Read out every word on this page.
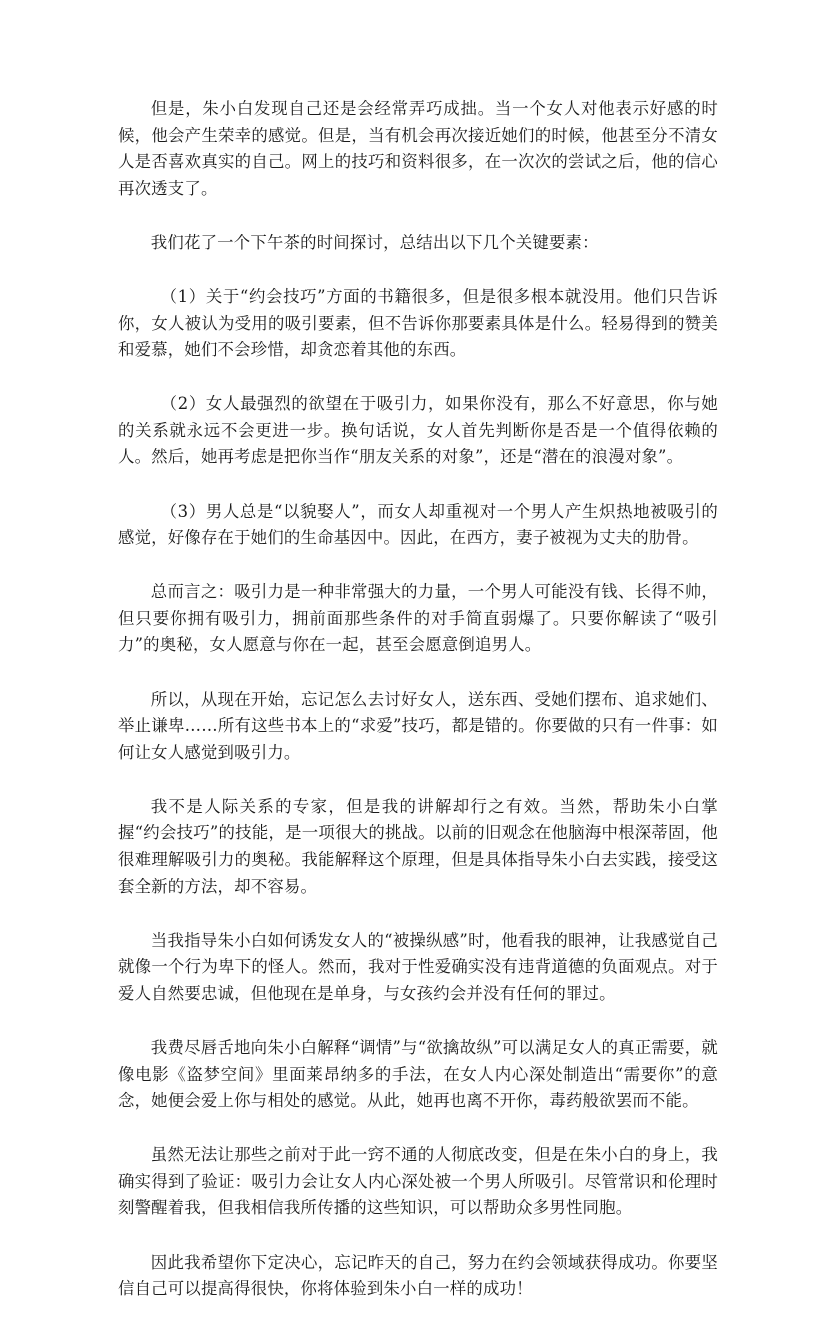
但是，朱小白发现自己还是会经常弄巧成拙。当一个女人对他表示好感的时候，他会产生荣幸的感觉。但是，当有机会再次接近她们的时候，他甚至分不清女人是否喜欢真实的自己。网上的技巧和资料很多，在一次次的尝试之后，他的信心再次透支了。

我们花了一个下午茶的时间探讨，总结出以下几个关键要素：

（1）关于“约会技巧”方面的书籍很多，但是很多根本就没用。他们只告诉你，女人被认为受用的吸引要素，但不告诉你那要素具体是什么。轻易得到的赞美和爱慕，她们不会珍惜，却贪恋着其他的东西。

（2）女人最强烈的欲望在于吸引力，如果你没有，那么不好意思，你与她的关系就永远不会更进一步。换句话说，女人首先判断你是否是一个值得依赖的人。然后，她再考虑是把你当作“朋友关系的对象”，还是“潜在的浪漫对象”。

（3）男人总是“以貌娶人”，而女人却重视对一个男人产生炽热地被吸引的感觉，好像存在于她们的生命基因中。因此，在西方，妻子被视为丈夫的肋骨。

总而言之：吸引力是一种非常强大的力量，一个男人可能没有钱、长得不帅，但只要你拥有吸引力，拥前面那些条件的对手简直弱爆了。只要你解读了“吸引力”的奥秘，女人愿意与你在一起，甚至会愿意倒追男人。

所以，从现在开始，忘记怎么去讨好女人，送东西、受她们摆布、追求她们、举止谦卑……所有这些书本上的“求爱”技巧，都是错的。你要做的只有一件事：如何让女人感觉到吸引力。

我不是人际关系的专家，但是我的讲解却行之有效。当然，帮助朱小白掌握“约会技巧”的技能，是一项很大的挑战。以前的旧观念在他脑海中根深蒂固，他很难理解吸引力的奥秘。我能解释这个原理，但是具体指导朱小白去实践，接受这套全新的方法，却不容易。

当我指导朱小白如何诱发女人的“被操纵感”时，他看我的眼神，让我感觉自己就像一个行为卑下的怪人。然而，我对于性爱确实没有违背道德的负面观点。对于爱人自然要忠诚，但他现在是单身，与女孩约会并没有任何的罪过。

我费尽唇舌地向朱小白解释“调情”与“欲擒故纵”可以满足女人的真正需要，就像电影《盗梦空间》里面莱昂纳多的手法，在女人内心深处制造出“需要你”的意念，她便会爱上你与相处的感觉。从此，她再也离不开你，毒药般欲罢而不能。

虽然无法让那些之前对于此一窍不通的人彻底改变，但是在朱小白的身上，我确实得到了验证：吸引力会让女人内心深处被一个男人所吸引。尽管常识和伦理时刻警醒着我，但我相信我所传播的这些知识，可以帮助众多男性同胞。

因此我希望你下定决心，忘记昨天的自己，努力在约会领域获得成功。你要坚信自己可以提高得很快，你将体验到朱小白一样的成功！
